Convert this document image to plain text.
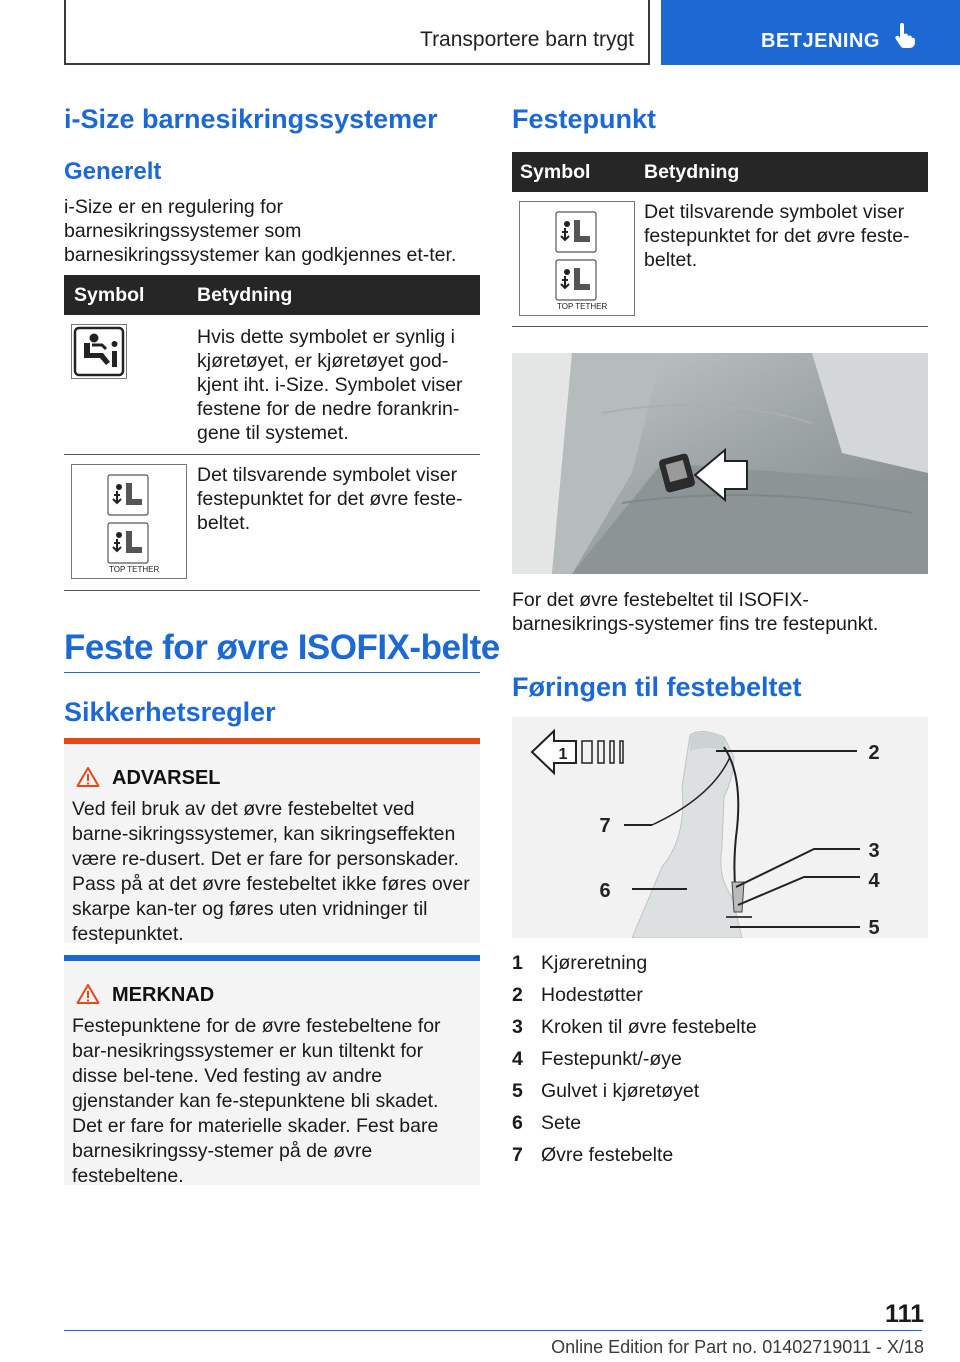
Transportere barn trygt	BETJENING
i-Size barnesikringssystemer
Generelt
i-Size er en regulering for barnesikringssystemer som barnesikringssystemer kan godkjennes et-ter.
Symbol	Betydning
Hvis dette symbolet er synlig i kjøretøyet, er kjøretøyet god-kjent iht. i-Size. Symbolet viser festene for de nedre forankrin-gene til systemet.
TOP TETHER
Det tilsvarende symbolet viser festepunktet for det øvre feste-beltet.
Feste for øvre ISOFIX-belte
Sikkerhetsregler
ADVARSEL
Ved feil bruk av det øvre festebeltet ved barne-sikringssystemer, kan sikringseffekten være re-dusert. Det er fare for personskader. Pass på at det øvre festebeltet ikke føres over skarpe kan-ter og føres uten vridninger til festepunktet.
MERKNAD
Festepunktene for de øvre festebeltene for bar-nesikringssystemer er kun tiltenkt for disse bel-tene. Ved festing av andre gjenstander kan fe-stepunktene bli skadet. Det er fare for materielle skader. Fest bare barnesikringssy-stemer på de øvre festebeltene.
Festepunkt
Symbol	Betydning
TOP TETHER
Det tilsvarende symbolet viser festepunktet for det øvre feste-beltet.
For det øvre festebeltet til ISOFIX-barnesikrings-systemer fins tre festepunkt.
Føringen til festebeltet
1	2
3
4
5
6
7
1 Kjøreretning
2 Hodestøtter
3 Kroken til øvre festebelte
4 Festepunkt/-øye
5 Gulvet i kjøretøyet
6 Sete
7 Øvre festebelte
111
Online Edition for Part no. 01402719011 - X/18
